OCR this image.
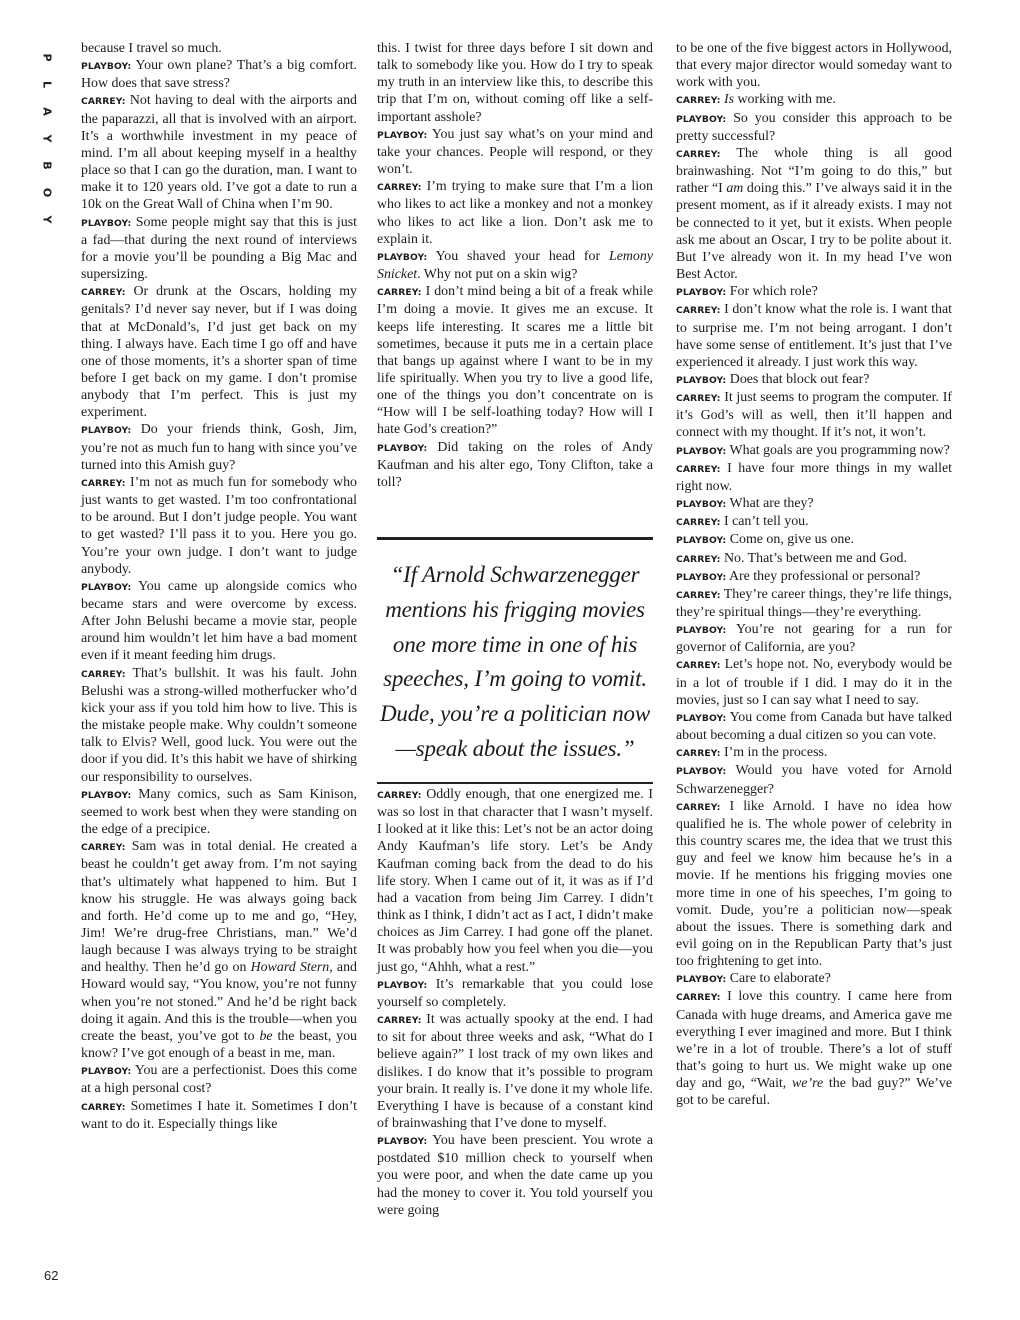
P
L
A
Y
B
O
Y

because I travel so much.

PLAYBOY: Your own plane? That’s a big comfort. How does that save stress?

CARREY: Not having to deal with the airports and the paparazzi, all that is involved with an airport. It’s a worthwhile investment in my peace of mind. I’m all about keeping myself in a healthy place so that I can go the duration, man. I want to make it to 120 years old. I’ve got a date to run a 10k on the Great Wall of China when I’m 90.

PLAYBOY: Some people might say that this is just a fad—that during the next round of interviews for a movie you’ll be pounding a Big Mac and supersizing.

CARREY: Or drunk at the Oscars, holding my genitals? I’d never say never, but if I was doing that at McDonald’s, I’d just get back on my thing. I always have. Each time I go off and have one of those moments, it’s a shorter span of time before I get back on my game. I don’t promise anybody that I’m perfect. This is just my experiment.

PLAYBOY: Do your friends think, Gosh, Jim, you’re not as much fun to hang with since you’ve turned into this Amish guy?

CARREY: I’m not as much fun for somebody who just wants to get wasted. I’m too confrontational to be around. But I don’t judge people. You want to get wasted? I’ll pass it to you. Here you go. You’re your own judge. I don’t want to judge anybody.

PLAYBOY: You came up alongside comics who became stars and were overcome by excess. After John Belushi became a movie star, people around him wouldn’t let him have a bad moment even if it meant feeding him drugs.

CARREY: That’s bullshit. It was his fault. John Belushi was a strong-willed motherfucker who’d kick your ass if you told him how to live. This is the mistake people make. Why couldn’t someone talk to Elvis? Well, good luck. You were out the door if you did. It’s this habit we have of shirking our responsibility to ourselves.

PLAYBOY: Many comics, such as Sam Kinison, seemed to work best when they were standing on the edge of a precipice.

CARREY: Sam was in total denial. He created a beast he couldn’t get away from. I’m not saying that’s ultimately what happened to him. But I know his struggle. He was always going back and forth. He’d come up to me and go, “Hey, Jim! We’re drug-free Christians, man.” We’d laugh because I was always trying to be straight and healthy. Then he’d go on Howard Stern, and Howard would say, “You know, you’re not funny when you’re not stoned.” And he’d be right back doing it again. And this is the trouble—when you create the beast, you’ve got to be the beast, you know? I’ve got enough of a beast in me, man.

PLAYBOY: You are a perfectionist. Does this come at a high personal cost?

CARREY: Sometimes I hate it. Sometimes I don’t want to do it. Especially things like

this. I twist for three days before I sit down and talk to somebody like you. How do I try to speak my truth in an interview like this, to describe this trip that I’m on, without coming off like a self-important asshole?

PLAYBOY: You just say what’s on your mind and take your chances. People will respond, or they won’t.

CARREY: I’m trying to make sure that I’m a lion who likes to act like a monkey and not a monkey who likes to act like a lion. Don’t ask me to explain it.

PLAYBOY: You shaved your head for Lemony Snicket. Why not put on a skin wig?

CARREY: I don’t mind being a bit of a freak while I’m doing a movie. It gives me an excuse. It keeps life interesting. It scares me a little bit sometimes, because it puts me in a certain place that bangs up against where I want to be in my life spiritually. When you try to live a good life, one of the things you don’t concentrate on is “How will I be self-loathing today? How will I hate God’s creation?”

PLAYBOY: Did taking on the roles of Andy Kaufman and his alter ego, Tony Clifton, take a toll?

“If Arnold Schwarzenegger mentions his frigging movies one more time in one of his speeches, I’m going to vomit. Dude, you’re a politician now—speak about the issues.”

CARREY: Oddly enough, that one energized me. I was so lost in that character that I wasn’t myself. I looked at it like this: Let’s not be an actor doing Andy Kaufman’s life story. Let’s be Andy Kaufman coming back from the dead to do his life story. When I came out of it, it was as if I’d had a vacation from being Jim Carrey. I didn’t think as I think, I didn’t act as I act, I didn’t make choices as Jim Carrey. I had gone off the planet. It was probably how you feel when you die—you just go, “Ahhh, what a rest.”

PLAYBOY: It’s remarkable that you could lose yourself so completely.

CARREY: It was actually spooky at the end. I had to sit for about three weeks and ask, “What do I believe again?” I lost track of my own likes and dislikes. I do know that it’s possible to program your brain. It really is. I’ve done it my whole life. Everything I have is because of a constant kind of brainwashing that I’ve done to myself.

PLAYBOY: You have been prescient. You wrote a postdated $10 million check to yourself when you were poor, and when the date came up you had the money to cover it. You told yourself you were going

to be one of the five biggest actors in Hollywood, that every major director would someday want to work with you.

CARREY: Is working with me.

PLAYBOY: So you consider this approach to be pretty successful?

CARREY: The whole thing is all good brainwashing. Not “I’m going to do this,” but rather “I am doing this.” I’ve always said it in the present moment, as if it already exists. I may not be connected to it yet, but it exists. When people ask me about an Oscar, I try to be polite about it. But I’ve already won it. In my head I’ve won Best Actor.

PLAYBOY: For which role?

CARREY: I don’t know what the role is. I want that to surprise me. I’m not being arrogant. I don’t have some sense of entitlement. It’s just that I’ve experienced it already. I just work this way.

PLAYBOY: Does that block out fear?

CARREY: It just seems to program the computer. If it’s God’s will as well, then it’ll happen and connect with my thought. If it’s not, it won’t.

PLAYBOY: What goals are you programming now?

CARREY: I have four more things in my wallet right now.

PLAYBOY: What are they?

CARREY: I can’t tell you.

PLAYBOY: Come on, give us one.

CARREY: No. That’s between me and God.

PLAYBOY: Are they professional or personal?

CARREY: They’re career things, they’re life things, they’re spiritual things—they’re everything.

PLAYBOY: You’re not gearing for a run for governor of California, are you?

CARREY: Let’s hope not. No, everybody would be in a lot of trouble if I did. I may do it in the movies, just so I can say what I need to say.

PLAYBOY: You come from Canada but have talked about becoming a dual citizen so you can vote.

CARREY: I’m in the process.

PLAYBOY: Would you have voted for Arnold Schwarzenegger?

CARREY: I like Arnold. I have no idea how qualified he is. The whole power of celebrity in this country scares me, the idea that we trust this guy and feel we know him because he’s in a movie. If he mentions his frigging movies one more time in one of his speeches, I’m going to vomit. Dude, you’re a politician now—speak about the issues. There is something dark and evil going on in the Republican Party that’s just too frightening to get into.

PLAYBOY: Care to elaborate?

CARREY: I love this country. I came here from Canada with huge dreams, and America gave me everything I ever imagined and more. But I think we’re in a lot of trouble. There’s a lot of stuff that’s going to hurt us. We might wake up one day and go, “Wait, we’re the bad guy?” We’ve got to be careful.

62
